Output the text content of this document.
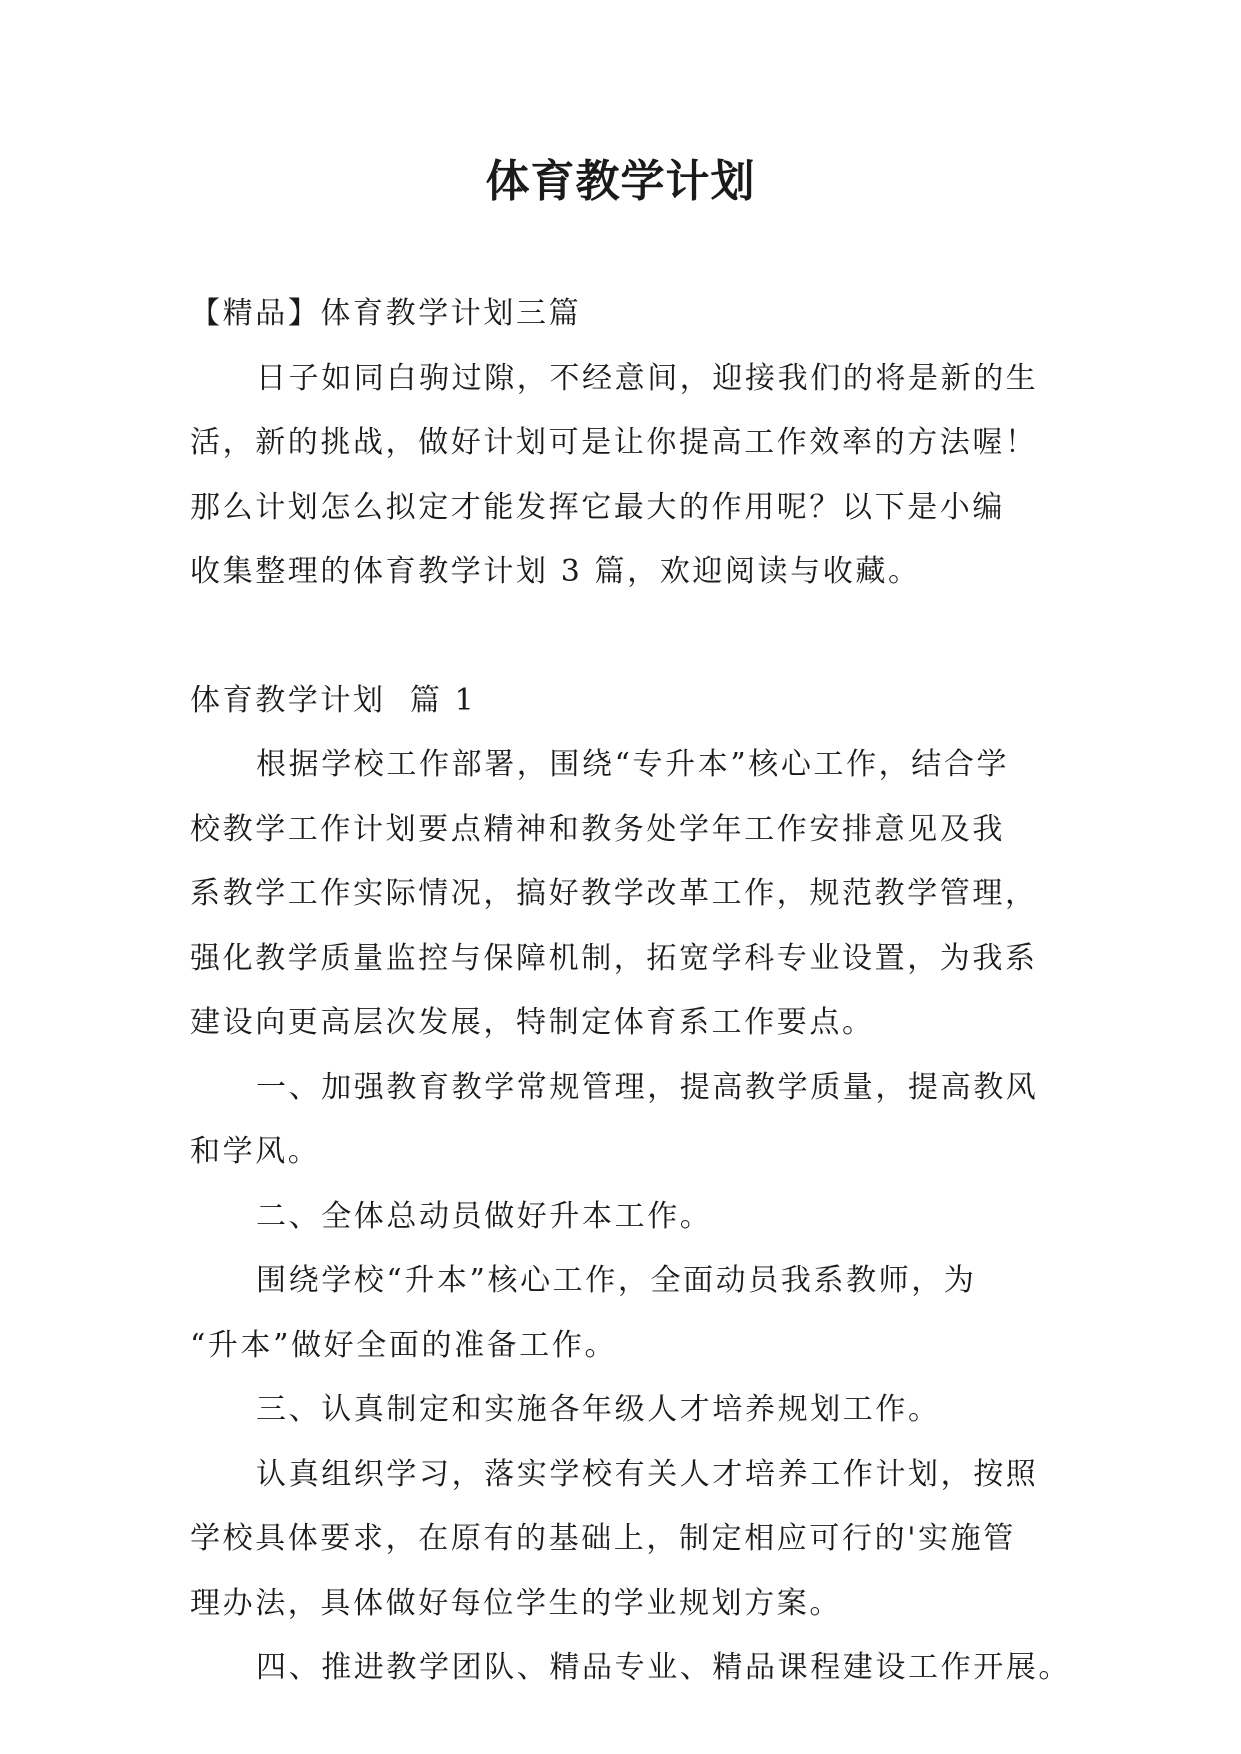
体育教学计划

【精品】体育教学计划三篇

日子如同白驹过隙，不经意间，迎接我们的将是新的生

活，新的挑战，做好计划可是让你提高工作效率的方法喔！

那么计划怎么拟定才能发挥它最大的作用呢？以下是小编

收集整理的体育教学计划 3 篇，欢迎阅读与收藏。

体育教学计划  篇 1

根据学校工作部署，围绕“专升本”核心工作，结合学

校教学工作计划要点精神和教务处学年工作安排意见及我

系教学工作实际情况，搞好教学改革工作，规范教学管理，

强化教学质量监控与保障机制，拓宽学科专业设置，为我系

建设向更高层次发展，特制定体育系工作要点。

一、加强教育教学常规管理，提高教学质量，提高教风

和学风。

二、全体总动员做好升本工作。

围绕学校“升本”核心工作，全面动员我系教师，为

“升本”做好全面的准备工作。

三、认真制定和实施各年级人才培养规划工作。

认真组织学习，落实学校有关人才培养工作计划，按照

学校具体要求，在原有的基础上，制定相应可行的'实施管

理办法，具体做好每位学生的学业规划方案。

四、推进教学团队、精品专业、精品课程建设工作开展。
